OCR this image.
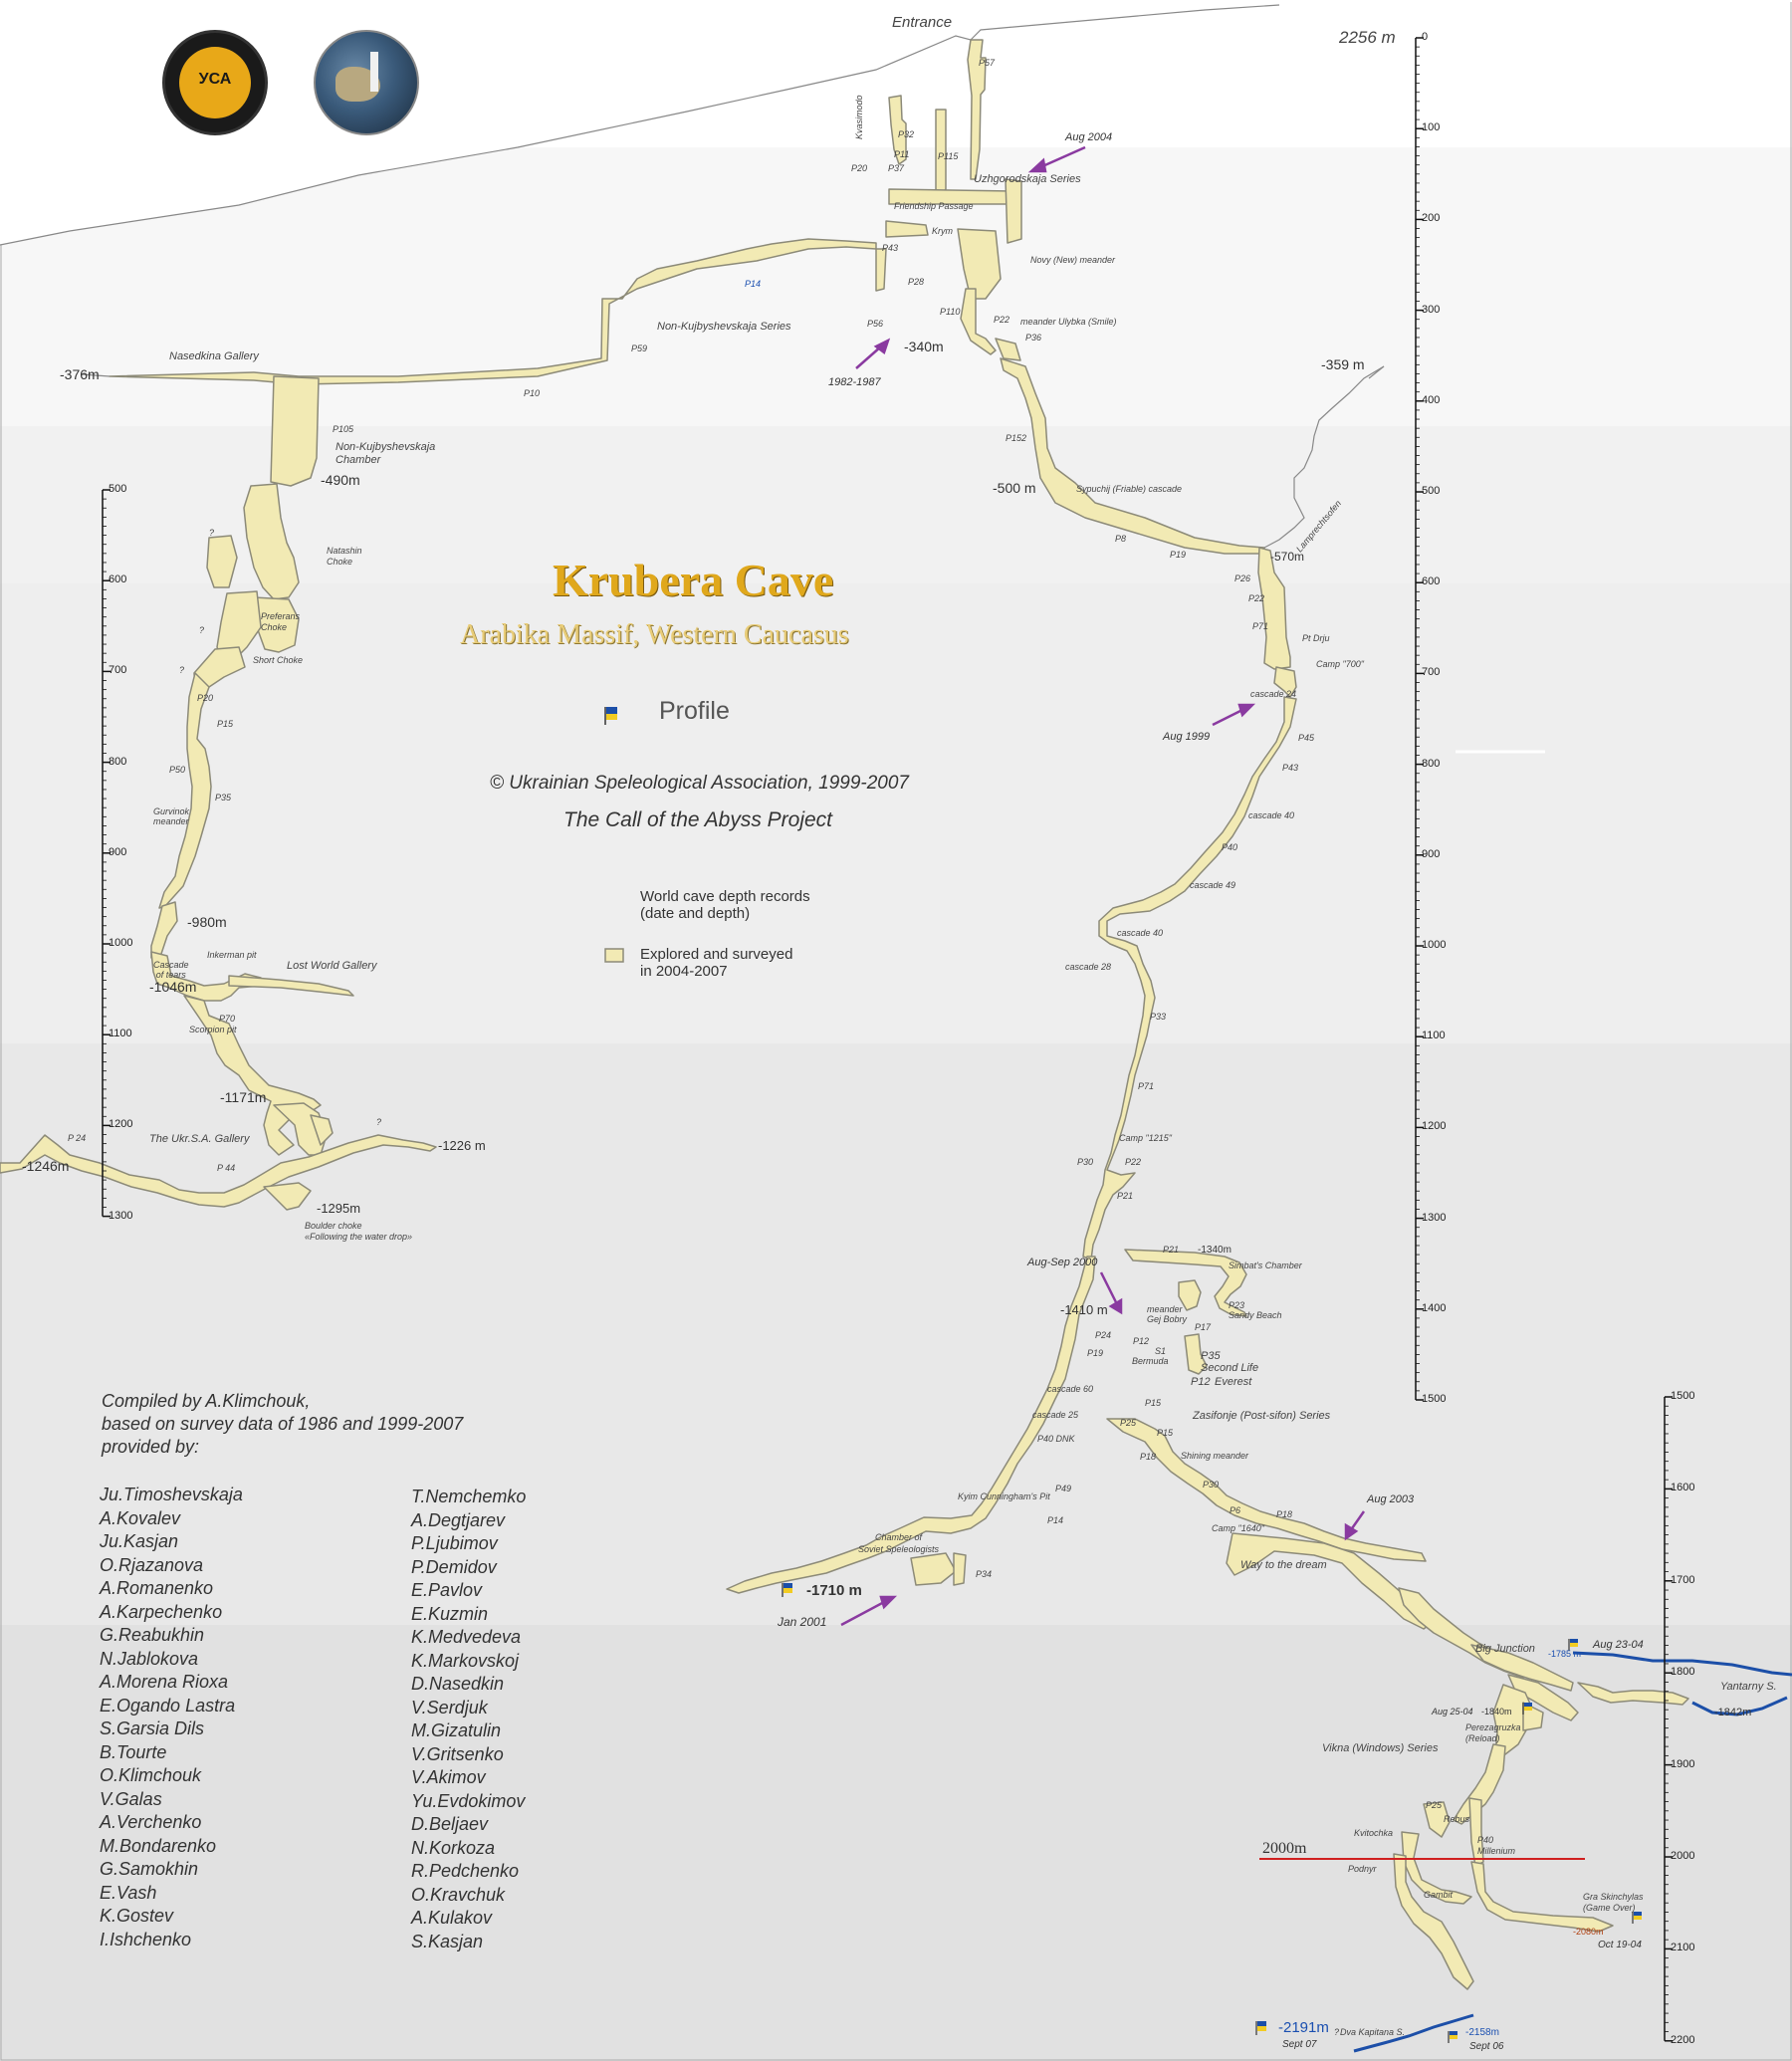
УСА
Krubera Cave
Arabika Massif, Western Caucasus
Profile
© Ukrainian Speleological Association, 1999-2007
The Call of the Abyss Project
Entrance
2256 m
World cave depth records
(date and depth)
Explored and surveyed
in 2004-2007
0
100
200
300
400
500
600
700
800
900
1000
1100
1200
1300
1400
1500
500
600
700
800
900
1000
1100
1200
1300
1500
1600
1700
1800
1900
2000
2100
2200
P57
Kvasimodo	P32
P11
P20 P37
P115
Uzhgorodskaja Series
Friendship Passage
Krym
P43
Novy (New) meander
P28
P14
P56
P110
P22 meander Ulybka (Smile)
P36
Non-Kujbyshevskaja Series
P59
Nasedkina Gallery
P10
P105
Non-Kujbyshevskaja
Chamber
P152
Sypuchij (Friable) cascade
P8
P19
Lamprechtsofen
P26
P22
P71
Pt Drju
Camp "700"
cascade 24
P45
P43
cascade 40
P40
cascade 49
cascade 40
cascade 28
P33
P71
Camp "1215"
P30	P22
P21
P21
Simbat's Chamber
P23
Sandy Beach
meander
Gej Bobry
P17
P24
P12
P19	S1
Bermuda	P35
Second Life
P12 Everest
cascade 60
cascade 25
P15
Zasifonje (Post-sifon) Series
P40 DNK
P25
P15
P18	Shining meander
P30
Kyim Cunningham's Pit
P49
P14
P6	P18
Camp "1640"
Chamber of
Soviet Speleologists
P34
Way to the dream
Big Junction
Yantarny S.
Perezagruzka
(Reload)
Vikna (Windows) Series
P25
Rebus
Kvitochka
P40
Millenium
Podnyr
Gambit	Gra Skinchylas
(Game Over)
Dva Kapitana S.
Natashin
Choke
Preferans
Choke
Short Choke
P20
P15
P50
P35
Gurvinok
meander
Inkerman pit
Lost World Gallery
Cascade
of tears
P70
Scorpion pit
The Ukr.S.A. Gallery
P 24
P 44
Boulder choke
«Following the water drop»
?
?
?
?
?
2000m
-376m
-340m
-359 m
-490m	-500 m
-570m
-980m
-1046m
-1171m
-1226 m
-1246m
-1295m
-1340m
-1410 m
-1710 m
-1785 m
-1842m
-1840m
-2080m
-2158m
-2191m
Aug 2004
1982-1987
Aug 1999
Aug-Sep 2000
Jan 2001
Aug 2003
Aug 23-04
Aug 25-04
Oct 19-04
Sept 06
Sept 07
Compiled by A.Klimchouk,
based on survey data of 1986 and 1999-2007
provided by:
Ju.Timoshevskaja
A.Kovalev
Ju.Kasjan
O.Rjazanova
A.Romanenko
A.Karpechenko
G.Reabukhin
N.Jablokova
A.Morena Rioxa
E.Ogando Lastra
S.Garsia Dils
B.Tourte
O.Klimchouk
V.Galas
A.Verchenko
M.Bondarenko
G.Samokhin
E.Vash
K.Gostev
I.Ishchenko
T.Nemchemko
A.Degtjarev
P.Ljubimov
P.Demidov
E.Pavlov
E.Kuzmin
K.Medvedeva
K.Markovskoj
D.Nasedkin
V.Serdjuk
M.Gizatulin
V.Gritsenko
V.Akimov
Yu.Evdokimov
D.Beljaev
N.Korkoza
R.Pedchenko
O.Kravchuk
A.Kulakov
S.Kasjan
